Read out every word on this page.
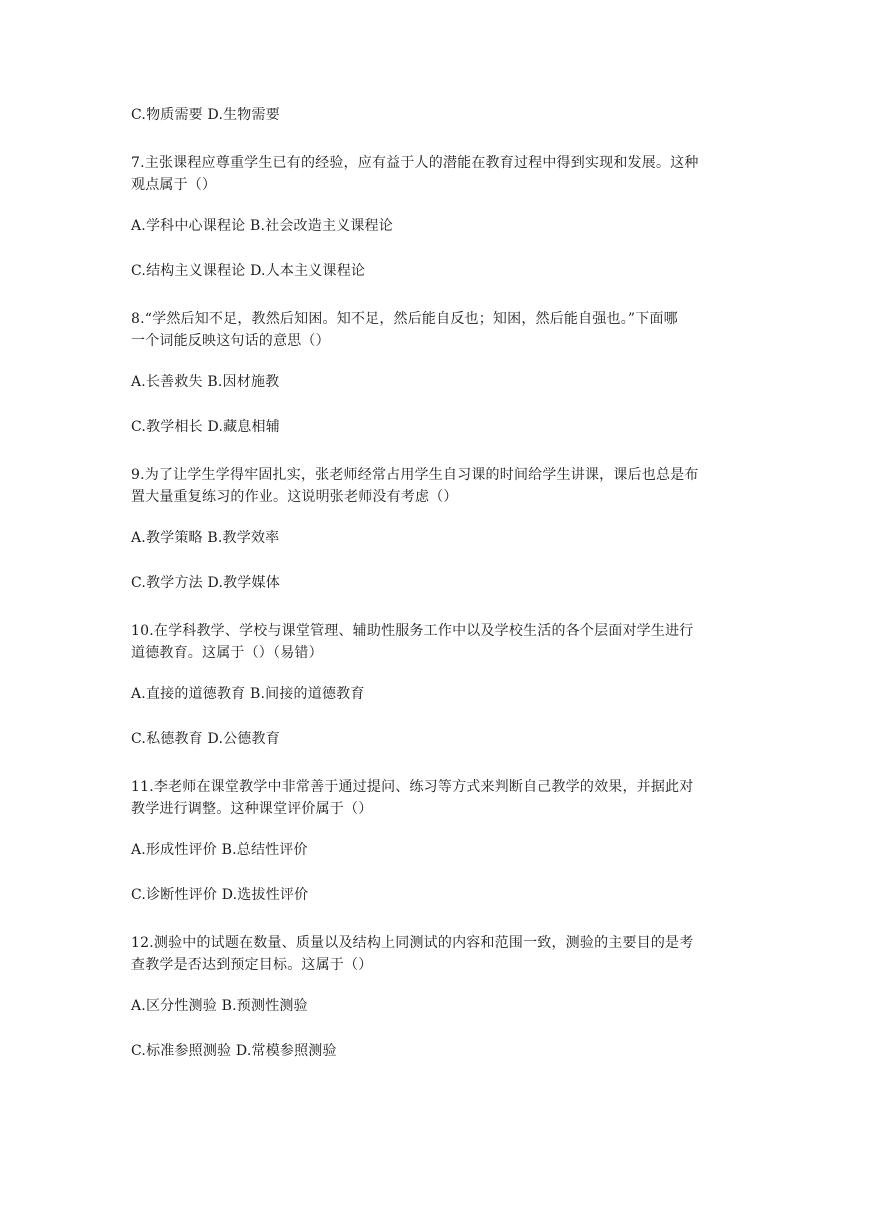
C.物质需要 D.生物需要

7.主张课程应尊重学生已有的经验，应有益于人的潜能在教育过程中得到实现和发展。这种

观点属于（）

A.学科中心课程论 B.社会改造主义课程论

C.结构主义课程论 D.人本主义课程论

8.“学然后知不足，教然后知困。知不足，然后能自反也；知困，然后能自强也。”下面哪

一个词能反映这句话的意思（）

A.长善救失 B.因材施教

C.教学相长 D.藏息相辅

9.为了让学生学得牢固扎实，张老师经常占用学生自习课的时间给学生讲课，课后也总是布

置大量重复练习的作业。这说明张老师没有考虑（）

A.教学策略 B.教学效率

C.教学方法 D.教学媒体

10.在学科教学、学校与课堂管理、辅助性服务工作中以及学校生活的各个层面对学生进行

道德教育。这属于（）（易错）

A.直接的道德教育 B.间接的道德教育

C.私德教育 D.公德教育

11.李老师在课堂教学中非常善于通过提问、练习等方式来判断自己教学的效果，并据此对

教学进行调整。这种课堂评价属于（）

A.形成性评价 B.总结性评价

C.诊断性评价 D.选拔性评价

12.测验中的试题在数量、质量以及结构上同测试的内容和范围一致，测验的主要目的是考

查教学是否达到预定目标。这属于（）

A.区分性测验 B.预测性测验

C.标准参照测验 D.常模参照测验
